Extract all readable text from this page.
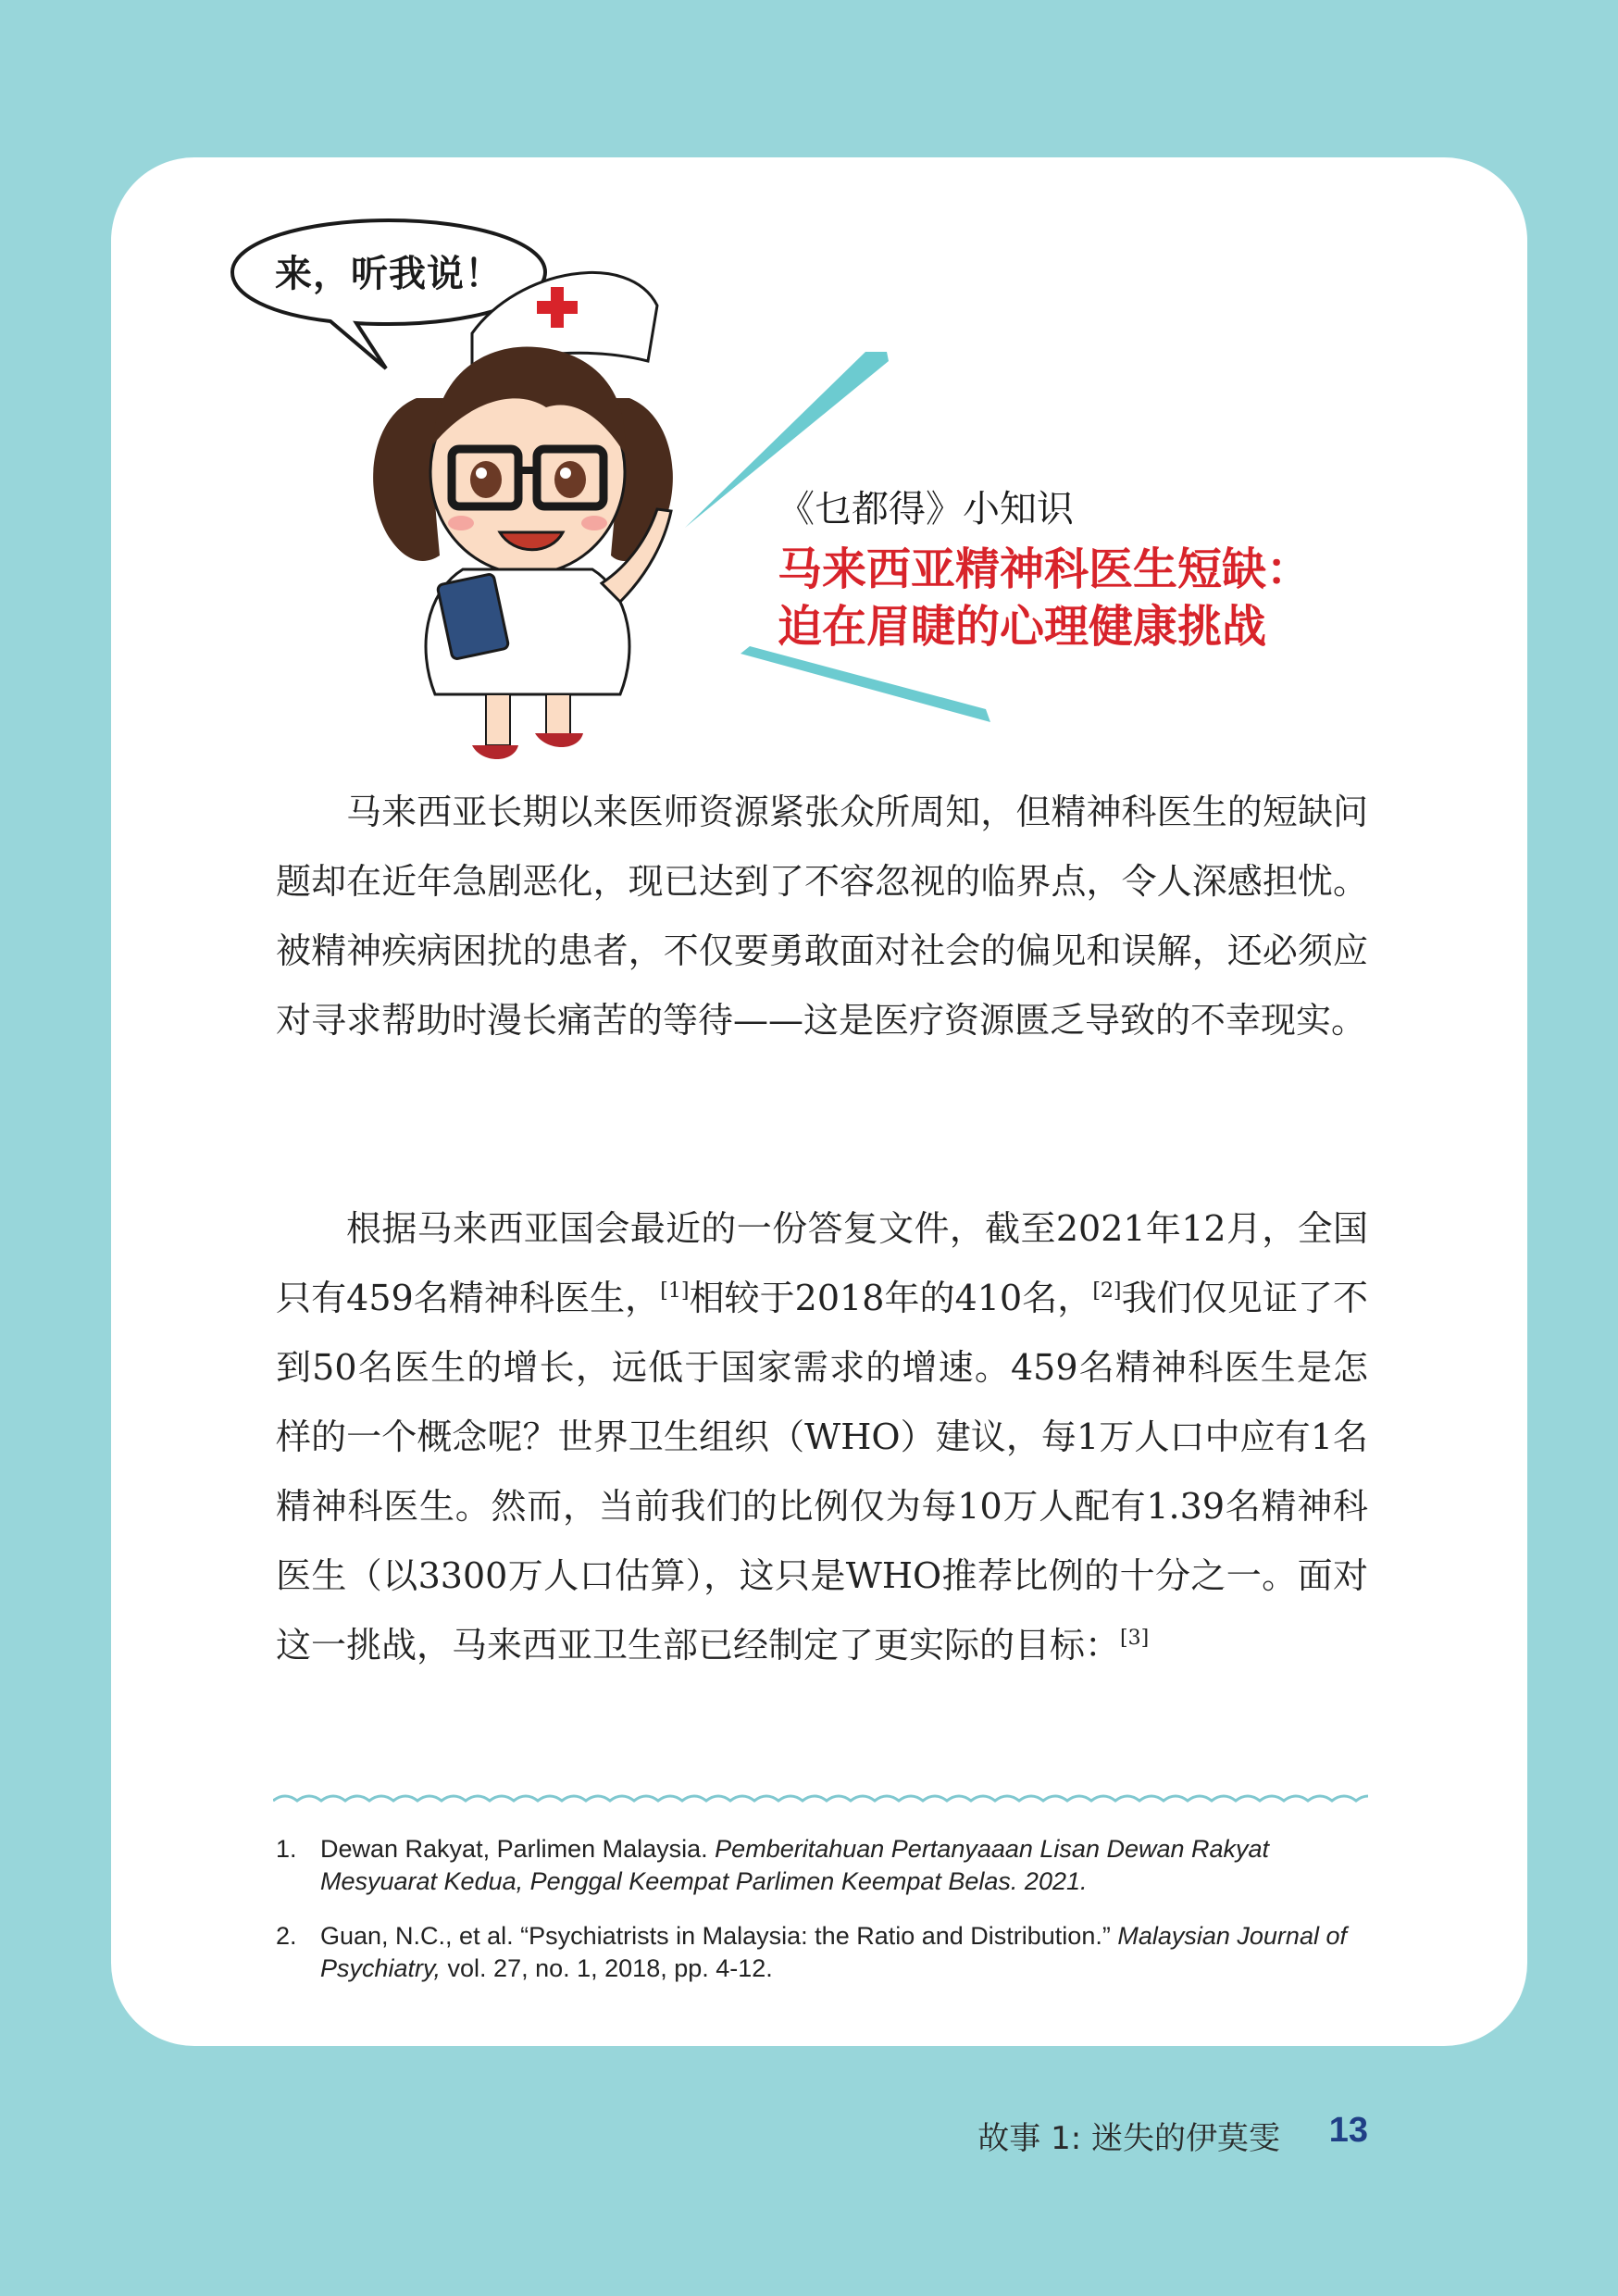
来，听我说！
《乜都得》小知识
马来西亚精神科医生短缺：
迫在眉睫的心理健康挑战

马来西亚长期以来医师资源紧张众所周知，但精神科医生的短缺问题却在近年急剧恶化，现已达到了不容忽视的临界点，令人深感担忧。被精神疾病困扰的患者，不仅要勇敢面对社会的偏见和误解，还必须应对寻求帮助时漫长痛苦的等待——这是医疗资源匮乏导致的不幸现实。

根据马来西亚国会最近的一份答复文件，截至2021年12月，全国只有459名精神科医生，[1]相较于2018年的410名，[2]我们仅见证了不到50名医生的增长，远低于国家需求的增速。459名精神科医生是怎样的一个概念呢？世界卫生组织（WHO）建议，每1万人口中应有1名精神科医生。然而，当前我们的比例仅为每10万人配有1.39名精神科医生（以3300万人口估算），这只是WHO推荐比例的十分之一。面对这一挑战，马来西亚卫生部已经制定了更实际的目标：[3]

1. Dewan Rakyat, Parlimen Malaysia. Pemberitahuan Pertanyaaan Lisan Dewan Rakyat Mesyuarat Kedua, Penggal Keempat Parlimen Keempat Belas. 2021.
2. Guan, N.C., et al. “Psychiatrists in Malaysia: the Ratio and Distribution.” Malaysian Journal of Psychiatry, vol. 27, no. 1, 2018, pp. 4-12.
故事 1: 迷失的伊莫雯 13
